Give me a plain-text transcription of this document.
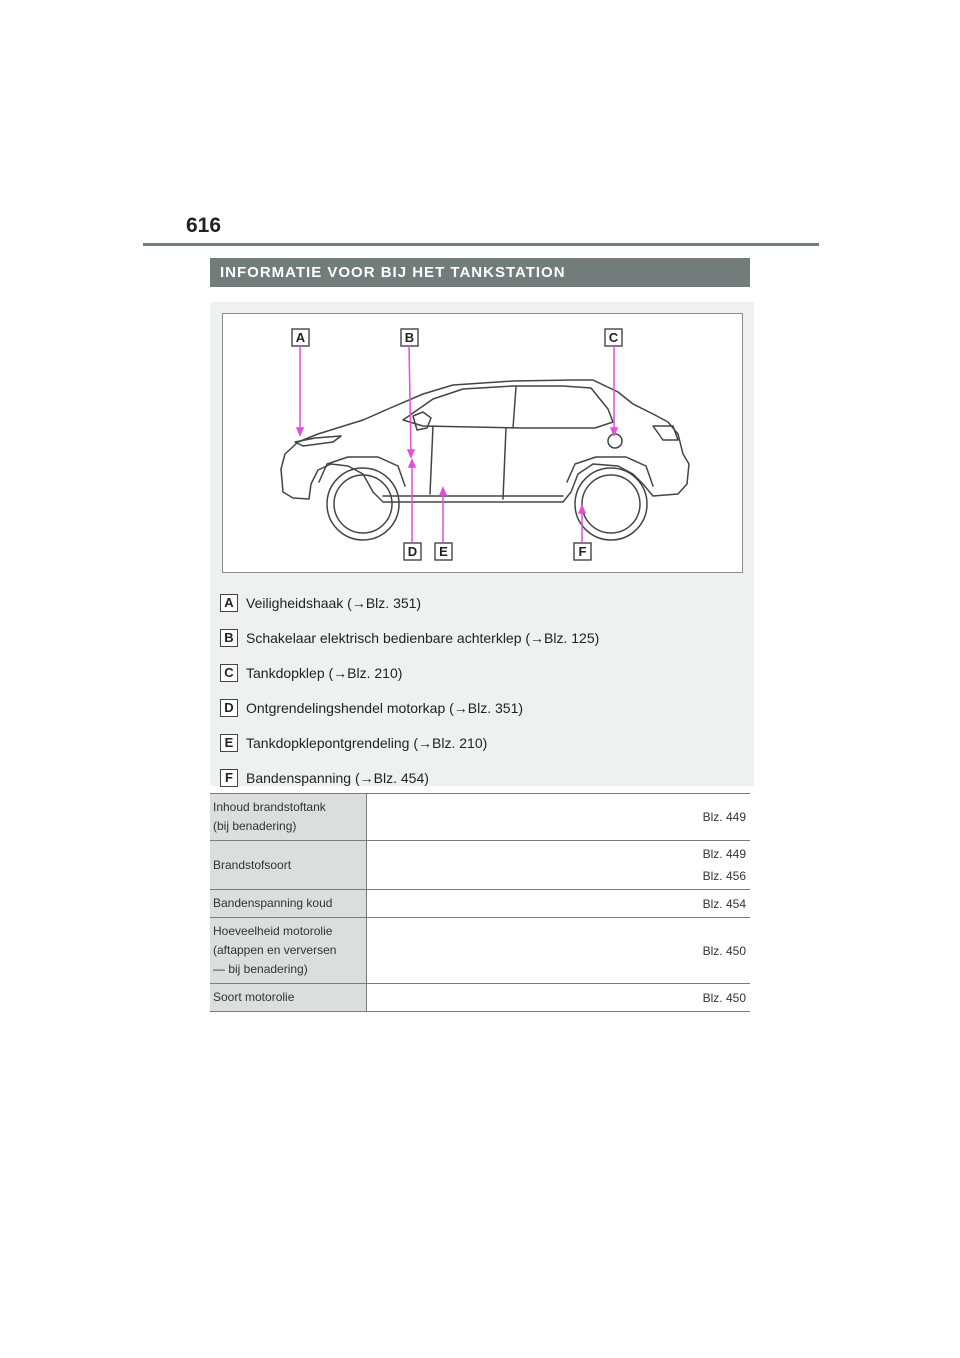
616
INFORMATIE VOOR BIJ HET TANKSTATION
A	B	C
D E	F
A Veiligheidshaak (→Blz. 351)
B Schakelaar elektrisch bedienbare achterklep (→Blz. 125)
C Tankdopklep (→Blz. 210)
D Ontgrendelingshendel motorkap (→Blz. 351)
E Tankdopklepontgrendeling (→Blz. 210)
F Bandenspanning (→Blz. 454)
Inhoud brandstoftank
(bij benadering)	Blz. 449

Brandstofsoort	Blz. 449
Blz. 456

Bandenspanning koud	Blz. 454

Hoeveelheid motorolie
(aftappen en verversen
— bij benadering)	Blz. 450

Soort motorolie	Blz. 450
